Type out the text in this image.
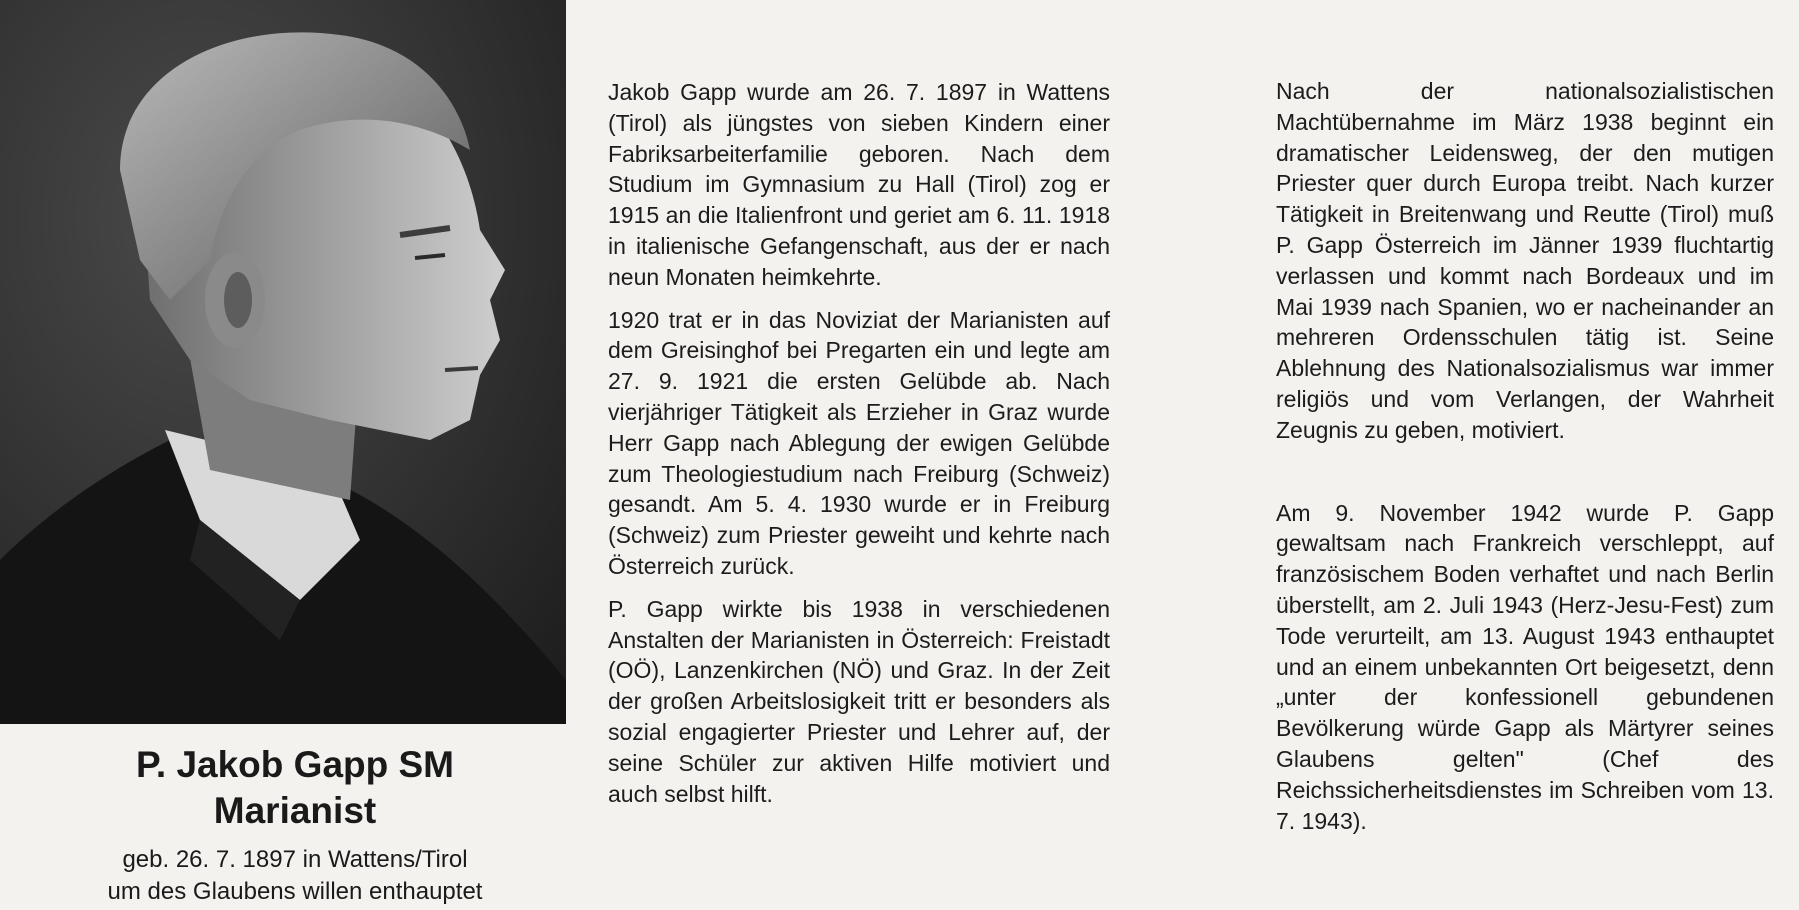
P. Jakob Gapp SM
Marianist
geb. 26. 7. 1897 in Wattens/Tirol
um des Glaubens willen enthauptet

Jakob Gapp wurde am 26. 7. 1897 in Wattens (Tirol) als jüngstes von sieben Kindern einer Fabriksarbeiterfamilie geboren. Nach dem Studium im Gymnasium zu Hall (Tirol) zog er 1915 an die Italienfront und geriet am 6. 11. 1918 in italienische Gefangenschaft, aus der er nach neun Monaten heimkehrte.

1920 trat er in das Noviziat der Marianisten auf dem Greisinghof bei Pregarten ein und legte am 27. 9. 1921 die ersten Gelübde ab. Nach vierjähriger Tätigkeit als Erzieher in Graz wurde Herr Gapp nach Ablegung der ewigen Gelübde zum Theologiestudium nach Freiburg (Schweiz) gesandt. Am 5. 4. 1930 wurde er in Freiburg (Schweiz) zum Priester geweiht und kehrte nach Österreich zurück.

P. Gapp wirkte bis 1938 in verschiedenen Anstalten der Marianisten in Österreich: Freistadt (OÖ), Lanzenkirchen (NÖ) und Graz. In der Zeit der großen Arbeitslosigkeit tritt er besonders als sozial engagierter Priester und Lehrer auf, der seine Schüler zur aktiven Hilfe motiviert und auch selbst hilft.

Nach der nationalsozialistischen Machtübernahme im März 1938 beginnt ein dramatischer Leidensweg, der den mutigen Priester quer durch Europa treibt. Nach kurzer Tätigkeit in Breitenwang und Reutte (Tirol) muß P. Gapp Österreich im Jänner 1939 fluchtartig verlassen und kommt nach Bordeaux und im Mai 1939 nach Spanien, wo er nacheinander an mehreren Ordensschulen tätig ist. Seine Ablehnung des Nationalsozialismus war immer religiös und vom Verlangen, der Wahrheit Zeugnis zu geben, motiviert.

Am 9. November 1942 wurde P. Gapp gewaltsam nach Frankreich verschleppt, auf französischem Boden verhaftet und nach Berlin überstellt, am 2. Juli 1943 (Herz-Jesu-Fest) zum Tode verurteilt, am 13. August 1943 enthauptet und an einem unbekannten Ort beigesetzt, denn „unter der konfessionell gebundenen Bevölkerung würde Gapp als Märtyrer seines Glaubens gelten" (Chef des Reichssicherheitsdienstes im Schreiben vom 13. 7. 1943).
